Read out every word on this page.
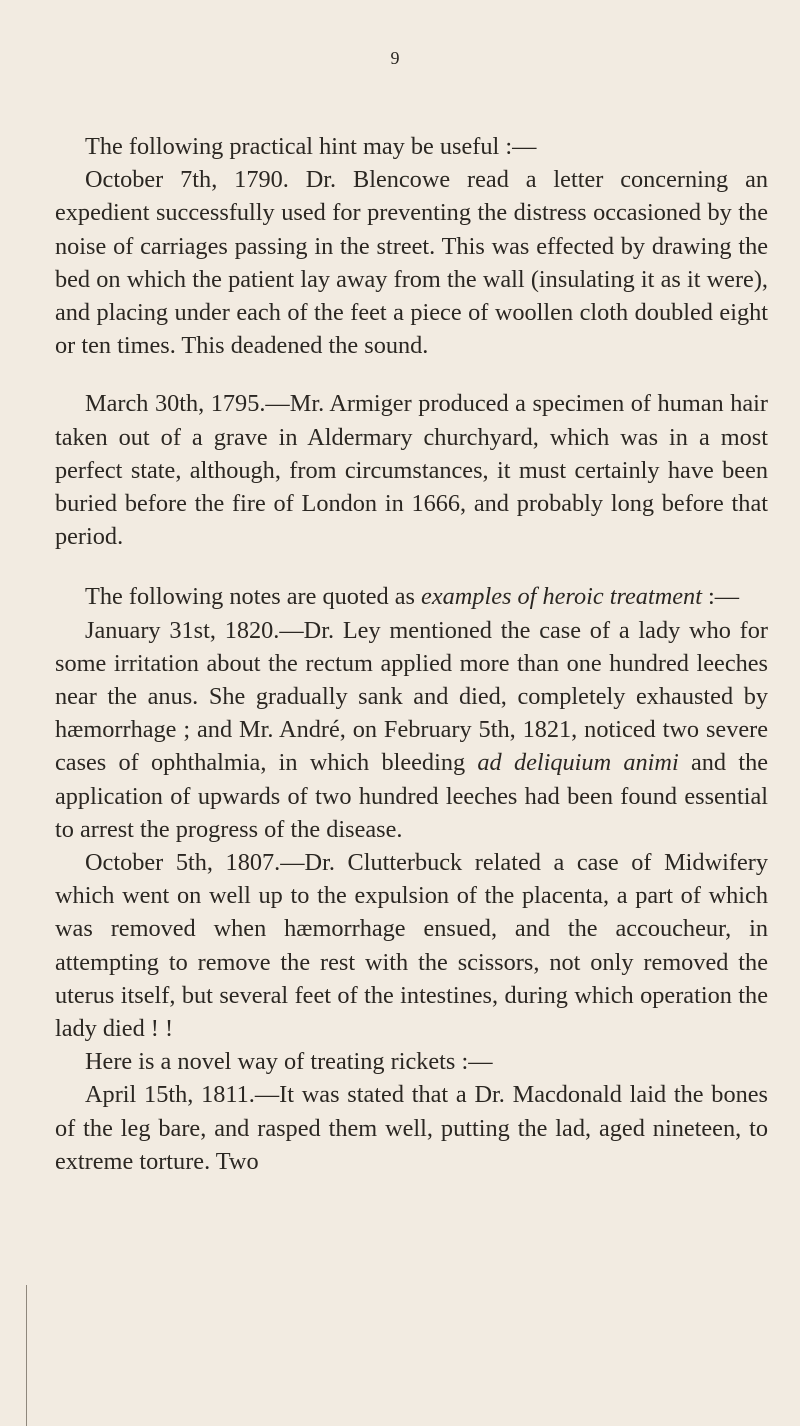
9

The following practical hint may be useful :—

October 7th, 1790. Dr. Blencowe read a letter concerning an expedient successfully used for preventing the distress occasioned by the noise of carriages passing in the street. This was effected by drawing the bed on which the patient lay away from the wall (insulating it as it were), and placing under each of the feet a piece of woollen cloth doubled eight or ten times. This deadened the sound.

March 30th, 1795.—Mr. Armiger produced a specimen of human hair taken out of a grave in Aldermary churchyard, which was in a most perfect state, although, from circumstances, it must certainly have been buried before the fire of London in 1666, and probably long before that period.

The following notes are quoted as examples of heroic treatment :—

January 31st, 1820.—Dr. Ley mentioned the case of a lady who for some irritation about the rectum applied more than one hundred leeches near the anus. She gradually sank and died, completely exhausted by hæmorrhage ; and Mr. André, on February 5th, 1821, noticed two severe cases of ophthalmia, in which bleeding ad deliquium animi and the application of upwards of two hundred leeches had been found essential to arrest the progress of the disease.

October 5th, 1807.—Dr. Clutterbuck related a case of Midwifery which went on well up to the expulsion of the placenta, a part of which was removed when hæmorrhage ensued, and the accoucheur, in attempting to remove the rest with the scissors, not only removed the uterus itself, but several feet of the intestines, during which operation the lady died ! !

Here is a novel way of treating rickets :—

April 15th, 1811.—It was stated that a Dr. Macdonald laid the bones of the leg bare, and rasped them well, putting the lad, aged nineteen, to extreme torture. Two
